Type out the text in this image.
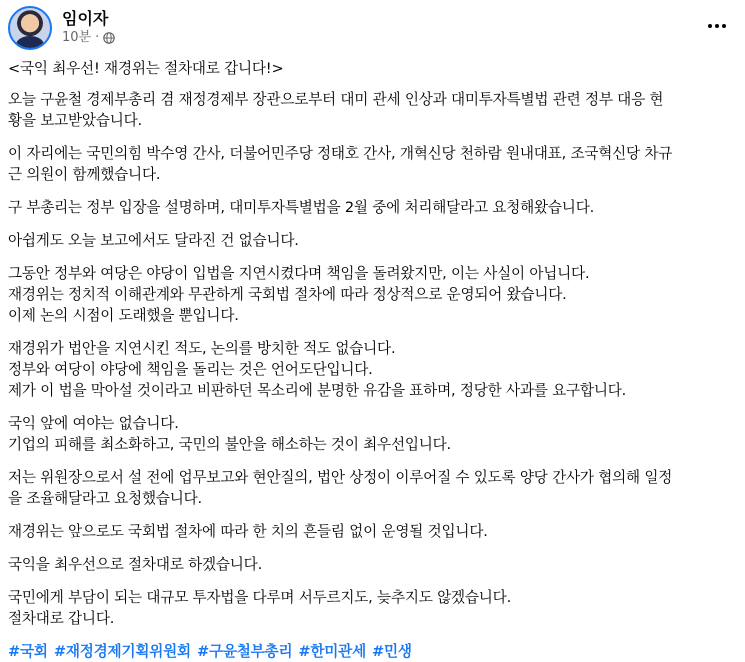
임이자
10분 ·

<국익 최우선! 재경위는 절차대로 갑니다!>

오늘 구윤철 경제부총리 겸 재정경제부 장관으로부터 대미 관세 인상과 대미투자특별법 관련 정부 대응 현
황을 보고받았습니다.

이 자리에는 국민의힘 박수영 간사, 더불어민주당 정태호 간사, 개혁신당 천하람 원내대표, 조국혁신당 차규
근 의원이 함께했습니다.

구 부총리는 정부 입장을 설명하며, 대미투자특별법을 2월 중에 처리해달라고 요청해왔습니다.

아쉽게도 오늘 보고에서도 달라진 건 없습니다.

그동안 정부와 여당은 야당이 입법을 지연시켰다며 책임을 돌려왔지만, 이는 사실이 아닙니다.
재경위는 정치적 이해관계와 무관하게 국회법 절차에 따라 정상적으로 운영되어 왔습니다.
이제 논의 시점이 도래했을 뿐입니다.

재경위가 법안을 지연시킨 적도, 논의를 방치한 적도 없습니다.
정부와 여당이 야당에 책임을 돌리는 것은 언어도단입니다.
제가 이 법을 막아설 것이라고 비판하던 목소리에 분명한 유감을 표하며, 정당한 사과를 요구합니다.

국익 앞에 여야는 없습니다.
기업의 피해를 최소화하고, 국민의 불안을 해소하는 것이 최우선입니다.

저는 위원장으로서 설 전에 업무보고와 현안질의, 법안 상정이 이루어질 수 있도록 양당 간사가 협의해 일정
을 조율해달라고 요청했습니다.

재경위는 앞으로도 국회법 절차에 따라 한 치의 흔들림 없이 운영될 것입니다.

국익을 최우선으로 절차대로 하겠습니다.

국민에게 부담이 되는 대규모 투자법을 다루며 서두르지도, 늦추지도 않겠습니다.
절차대로 갑니다.

#국회 #재정경제기획위원회 #구윤철부총리 #한미관세 #민생
